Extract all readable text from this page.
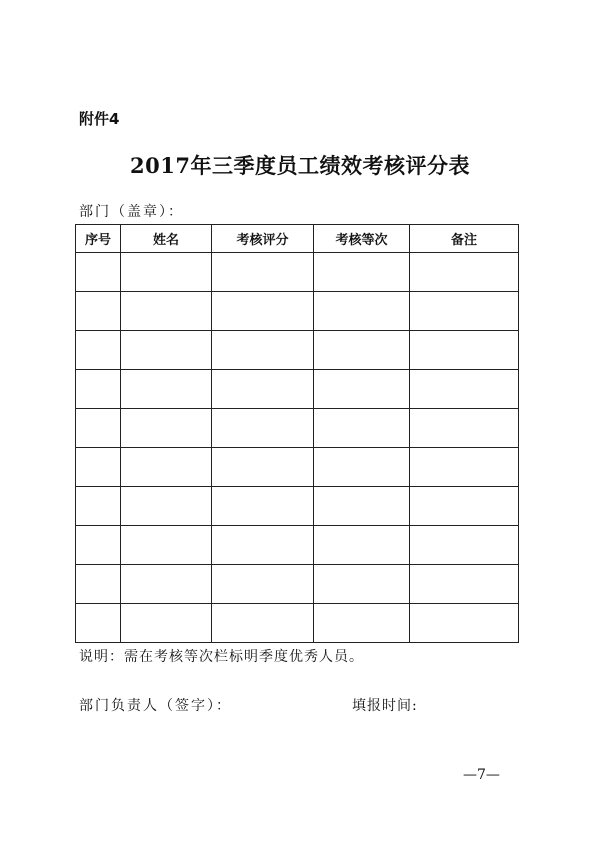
附件4
2017年三季度员工绩效考核评分表
部门（盖章）：
序号	姓名	考核评分	考核等次	备注

说明：需在考核等次栏标明季度优秀人员。
部门负责人（签字）：	填报时间:
—7—
